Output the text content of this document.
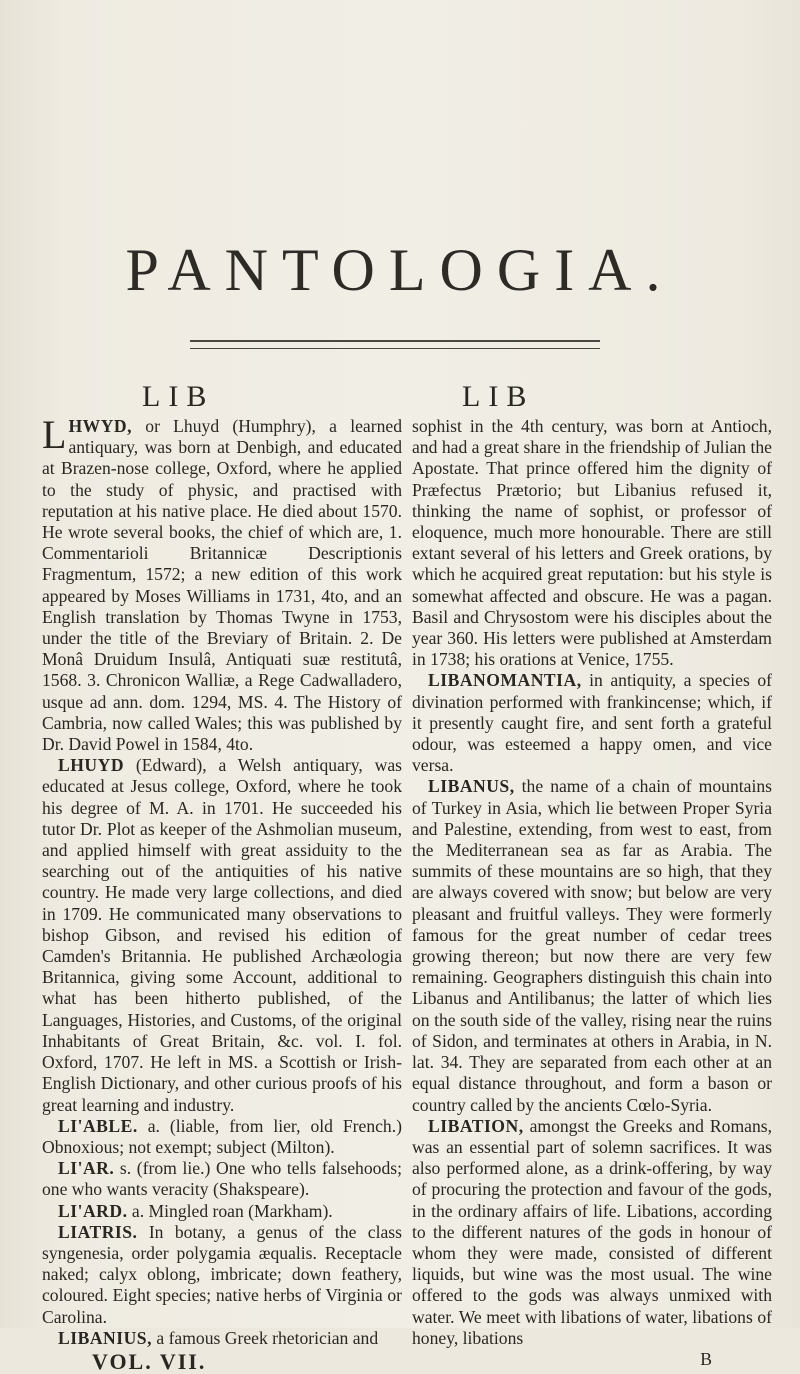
PANTOLOGIA.
LIB

LHWYD, or Lhuyd (Humphry), a learned antiquary, was born at Denbigh, and educated at Brazen-nose college, Oxford, where he applied to the study of physic, and practised with reputation at his native place. He died about 1570. He wrote several books, the chief of which are, 1. Commentarioli Britannicæ Descriptionis Fragmentum, 1572; a new edition of this work appeared by Moses Williams in 1731, 4to, and an English translation by Thomas Twyne in 1753, under the title of the Breviary of Britain. 2. De Monâ Druidum Insulâ, Antiquati suæ restitutâ, 1568. 3. Chronicon Walliæ, a Rege Cadwalladero, usque ad ann. dom. 1294, MS. 4. The History of Cambria, now called Wales; this was published by Dr. David Powel in 1584, 4to.

LHUYD (Edward), a Welsh antiquary, was educated at Jesus college, Oxford, where he took his degree of M. A. in 1701. He succeeded his tutor Dr. Plot as keeper of the Ashmolian museum, and applied himself with great assiduity to the searching out of the antiquities of his native country. He made very large collections, and died in 1709. He communicated many observations to bishop Gibson, and revised his edition of Camden's Britannia. He published Archæologia Britannica, giving some Account, additional to what has been hitherto published, of the Languages, Histories, and Customs, of the original Inhabitants of Great Britain, &c. vol. I. fol. Oxford, 1707. He left in MS. a Scottish or Irish-English Dictionary, and other curious proofs of his great learning and industry.

LI'ABLE. a. (liable, from lier, old French.) Obnoxious; not exempt; subject (Milton).

LI'AR. s. (from lie.) One who tells falsehoods; one who wants veracity (Shakspeare).

LI'ARD. a. Mingled roan (Markham).

LIATRIS. In botany, a genus of the class syngenesia, order polygamia æqualis. Receptacle naked; calyx oblong, imbricate; down feathery, coloured. Eight species; native herbs of Virginia or Carolina.

LIBANIUS, a famous Greek rhetorician and

VOL. VII.

LIB

sophist in the 4th century, was born at Antioch, and had a great share in the friendship of Julian the Apostate. That prince offered him the dignity of Præfectus Prætorio; but Libanius refused it, thinking the name of sophist, or professor of eloquence, much more honourable. There are still extant several of his letters and Greek orations, by which he acquired great reputation: but his style is somewhat affected and obscure. He was a pagan. Basil and Chrysostom were his disciples about the year 360. His letters were published at Amsterdam in 1738; his orations at Venice, 1755.

LIBANOMANTIA, in antiquity, a species of divination performed with frankincense; which, if it presently caught fire, and sent forth a grateful odour, was esteemed a happy omen, and vice versa.

LIBANUS, the name of a chain of mountains of Turkey in Asia, which lie between Proper Syria and Palestine, extending, from west to east, from the Mediterranean sea as far as Arabia. The summits of these mountains are so high, that they are always covered with snow; but below are very pleasant and fruitful valleys. They were formerly famous for the great number of cedar trees growing thereon; but now there are very few remaining. Geographers distinguish this chain into Libanus and Antilibanus; the latter of which lies on the south side of the valley, rising near the ruins of Sidon, and terminates at others in Arabia, in N. lat. 34. They are separated from each other at an equal distance throughout, and form a bason or country called by the ancients Cœlo-Syria.

LIBATION, amongst the Greeks and Romans, was an essential part of solemn sacrifices. It was also performed alone, as a drink-offering, by way of procuring the protection and favour of the gods, in the ordinary affairs of life. Libations, according to the different natures of the gods in honour of whom they were made, consisted of different liquids, but wine was the most usual. The wine offered to the gods was always unmixed with water. We meet with libations of water, libations of honey, libations

B
